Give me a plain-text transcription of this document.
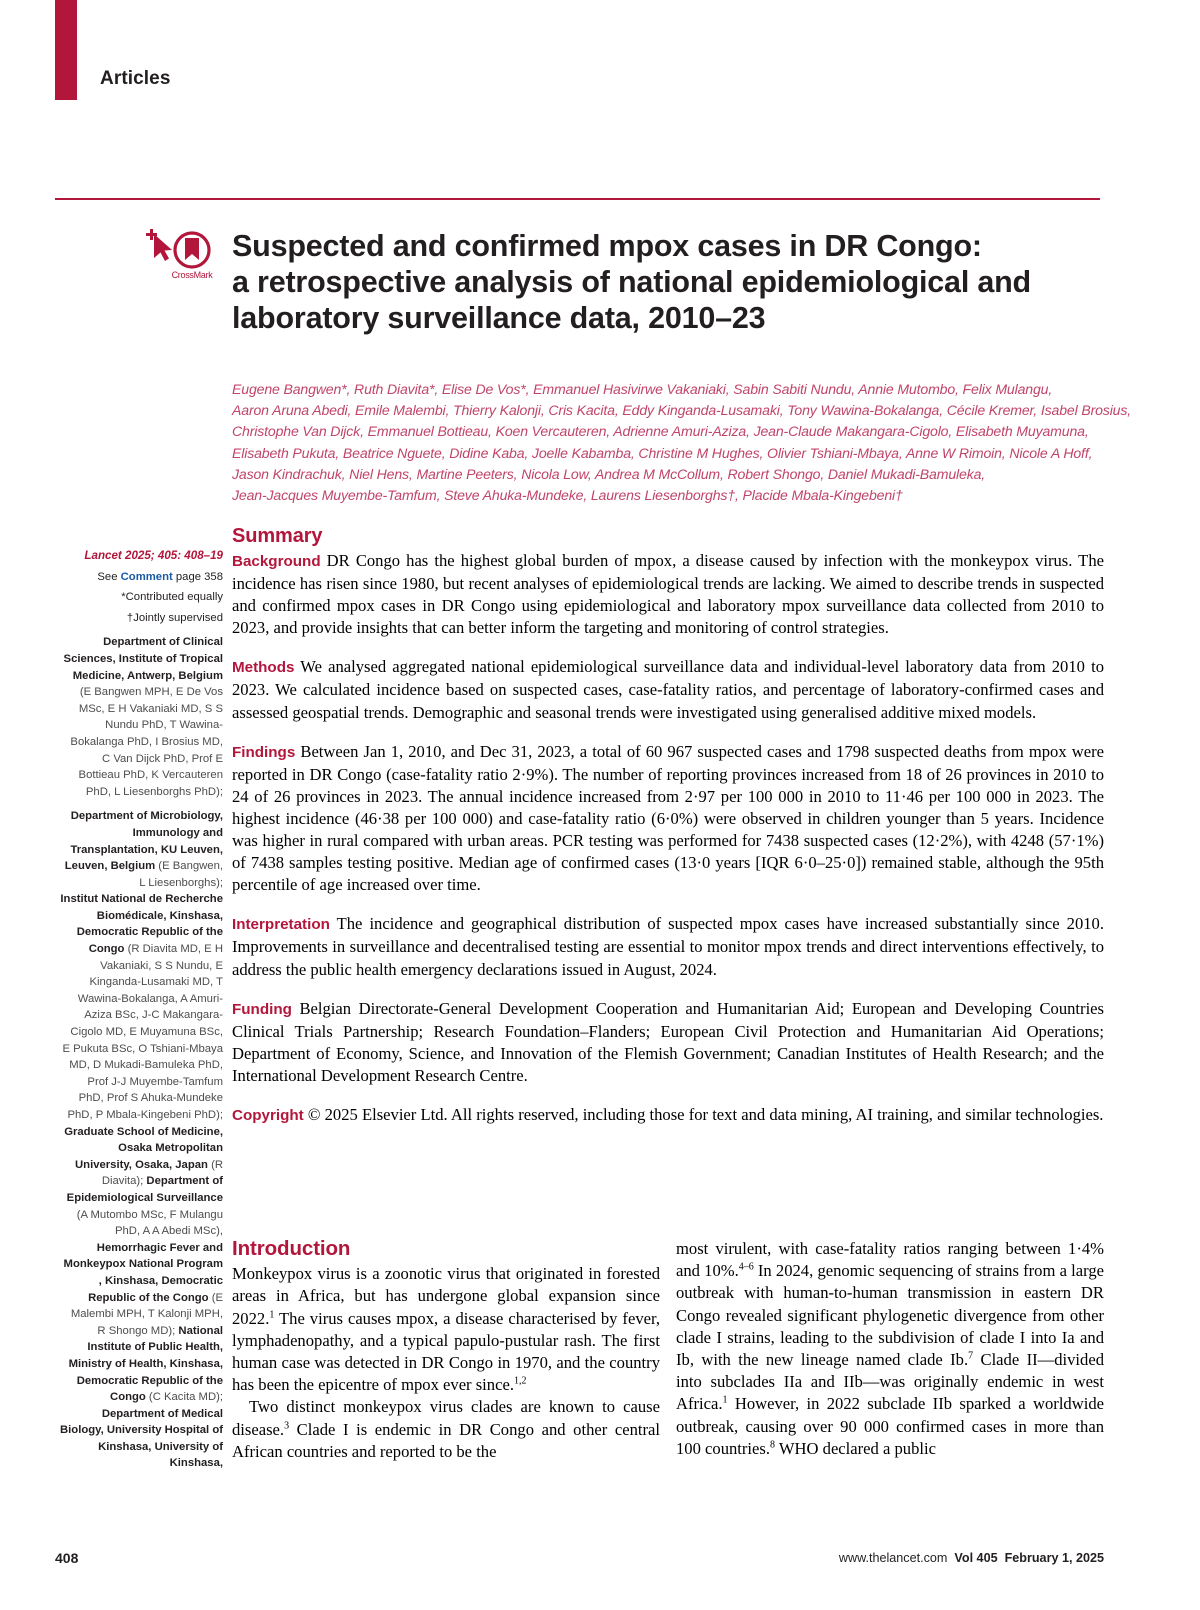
Articles
CrossMark
Suspected and confirmed mpox cases in DR Congo:
a retrospective analysis of national epidemiological and
laboratory surveillance data, 2010–23
Eugene Bangwen*, Ruth Diavita*, Elise De Vos*, Emmanuel Hasivirwe Vakaniaki, Sabin Sabiti Nundu, Annie Mutombo, Felix Mulangu,
Aaron Aruna Abedi, Emile Malembi, Thierry Kalonji, Cris Kacita, Eddy Kinganda-Lusamaki, Tony Wawina-Bokalanga, Cécile Kremer, Isabel Brosius,
Christophe Van Dijck, Emmanuel Bottieau, Koen Vercauteren, Adrienne Amuri-Aziza, Jean-Claude Makangara-Cigolo, Elisabeth Muyamuna,
Elisabeth Pukuta, Beatrice Nguete, Didine Kaba, Joelle Kabamba, Christine M Hughes, Olivier Tshiani-Mbaya, Anne W Rimoin, Nicole A Hoff,
Jason Kindrachuk, Niel Hens, Martine Peeters, Nicola Low, Andrea M McCollum, Robert Shongo, Daniel Mukadi-Bamuleka,
Jean-Jacques Muyembe-Tamfum, Steve Ahuka-Mundeke, Laurens Liesenborghs†, Placide Mbala-Kingebeni†
Lancet 2025; 405: 408–19
See Comment page 358
*Contributed equally
†Jointly supervised
Department of Clinical Sciences, Institute of Tropical Medicine, Antwerp, Belgium (E Bangwen MPH, E De Vos MSc, E H Vakaniaki MD, S S Nundu PhD, T Wawina-Bokalanga PhD, I Brosius MD, C Van Dijck PhD, Prof E Bottieau PhD, K Vercauteren PhD, L Liesenborghs PhD);
Department of Microbiology, Immunology and Transplantation, KU Leuven, Leuven, Belgium (E Bangwen, L Liesenborghs);
Institut National de Recherche Biomédicale, Kinshasa, Democratic Republic of the Congo (R Diavita MD, E H Vakaniaki, S S Nundu, E Kinganda-Lusamaki MD, T Wawina-Bokalanga, A Amuri-Aziza BSc, J-C Makangara-Cigolo MD, E Muyamuna BSc, E Pukuta BSc, O Tshiani-Mbaya MD, D Mukadi-Bamuleka PhD, Prof J-J Muyembe-Tamfum PhD, Prof S Ahuka-Mundeke PhD, P Mbala-Kingebeni PhD); Graduate School of Medicine, Osaka Metropolitan University, Osaka, Japan (R Diavita); Department of Epidemiological Surveillance (A Mutombo MSc, F Mulangu PhD, A A Abedi MSc), Hemorrhagic Fever and Monkeypox National Program , Kinshasa, Democratic Republic of the Congo (E Malembi MPH, T Kalonji MPH, R Shongo MD); National Institute of Public Health, Ministry of Health, Kinshasa, Democratic Republic of the Congo (C Kacita MD); Department of Medical Biology, University Hospital of Kinshasa, University of Kinshasa,
Summary

Background DR Congo has the highest global burden of mpox, a disease caused by infection with the monkeypox virus. The incidence has risen since 1980, but recent analyses of epidemiological trends are lacking. We aimed to describe trends in suspected and confirmed mpox cases in DR Congo using epidemiological and laboratory mpox surveillance data collected from 2010 to 2023, and provide insights that can better inform the targeting and monitoring of control strategies.

Methods We analysed aggregated national epidemiological surveillance data and individual-level laboratory data from 2010 to 2023. We calculated incidence based on suspected cases, case-fatality ratios, and percentage of laboratory-confirmed cases and assessed geospatial trends. Demographic and seasonal trends were investigated using generalised additive mixed models.

Findings Between Jan 1, 2010, and Dec 31, 2023, a total of 60 967 suspected cases and 1798 suspected deaths from mpox were reported in DR Congo (case-fatality ratio 2·9%). The number of reporting provinces increased from 18 of 26 provinces in 2010 to 24 of 26 provinces in 2023. The annual incidence increased from 2·97 per 100 000 in 2010 to 11·46 per 100 000 in 2023. The highest incidence (46·38 per 100 000) and case-fatality ratio (6·0%) were observed in children younger than 5 years. Incidence was higher in rural compared with urban areas. PCR testing was performed for 7438 suspected cases (12·2%), with 4248 (57·1%) of 7438 samples testing positive. Median age of confirmed cases (13·0 years [IQR 6·0–25·0]) remained stable, although the 95th percentile of age increased over time.

Interpretation The incidence and geographical distribution of suspected mpox cases have increased substantially since 2010. Improvements in surveillance and decentralised testing are essential to monitor mpox trends and direct interventions effectively, to address the public health emergency declarations issued in August, 2024.

Funding Belgian Directorate-General Development Cooperation and Humanitarian Aid; European and Developing Countries Clinical Trials Partnership; Research Foundation–Flanders; European Civil Protection and Humanitarian Aid Operations; Department of Economy, Science, and Innovation of the Flemish Government; Canadian Institutes of Health Research; and the International Development Research Centre.

Copyright © 2025 Elsevier Ltd. All rights reserved, including those for text and data mining, AI training, and similar technologies.

Introduction

Monkeypox virus is a zoonotic virus that originated in forested areas in Africa, but has undergone global expansion since 2022.$^1$ The virus causes mpox, a disease characterised by fever, lymphadenopathy, and a typical papulo-pustular rash. The first human case was detected in DR Congo in 1970, and the country has been the epicentre of mpox ever since.$^{1,2}$

Two distinct monkeypox virus clades are known to cause disease.$^3$ Clade I is endemic in DR Congo and other central African countries and reported to be the

most virulent, with case-fatality ratios ranging between 1·4% and 10%.$^{4-6}$ In 2024, genomic sequencing of strains from a large outbreak with human-to-human transmission in eastern DR Congo revealed significant phylogenetic divergence from other clade I strains, leading to the subdivision of clade I into Ia and Ib, with the new lineage named clade Ib.$^7$ Clade II—divided into subclades IIa and IIb—was originally endemic in west Africa.$^1$ However, in 2022 subclade IIb sparked a worldwide outbreak, causing over 90 000 confirmed cases in more than 100 countries.$^8$ WHO declared a public

408	www.thelancet.com Vol 405 February 1, 2025
